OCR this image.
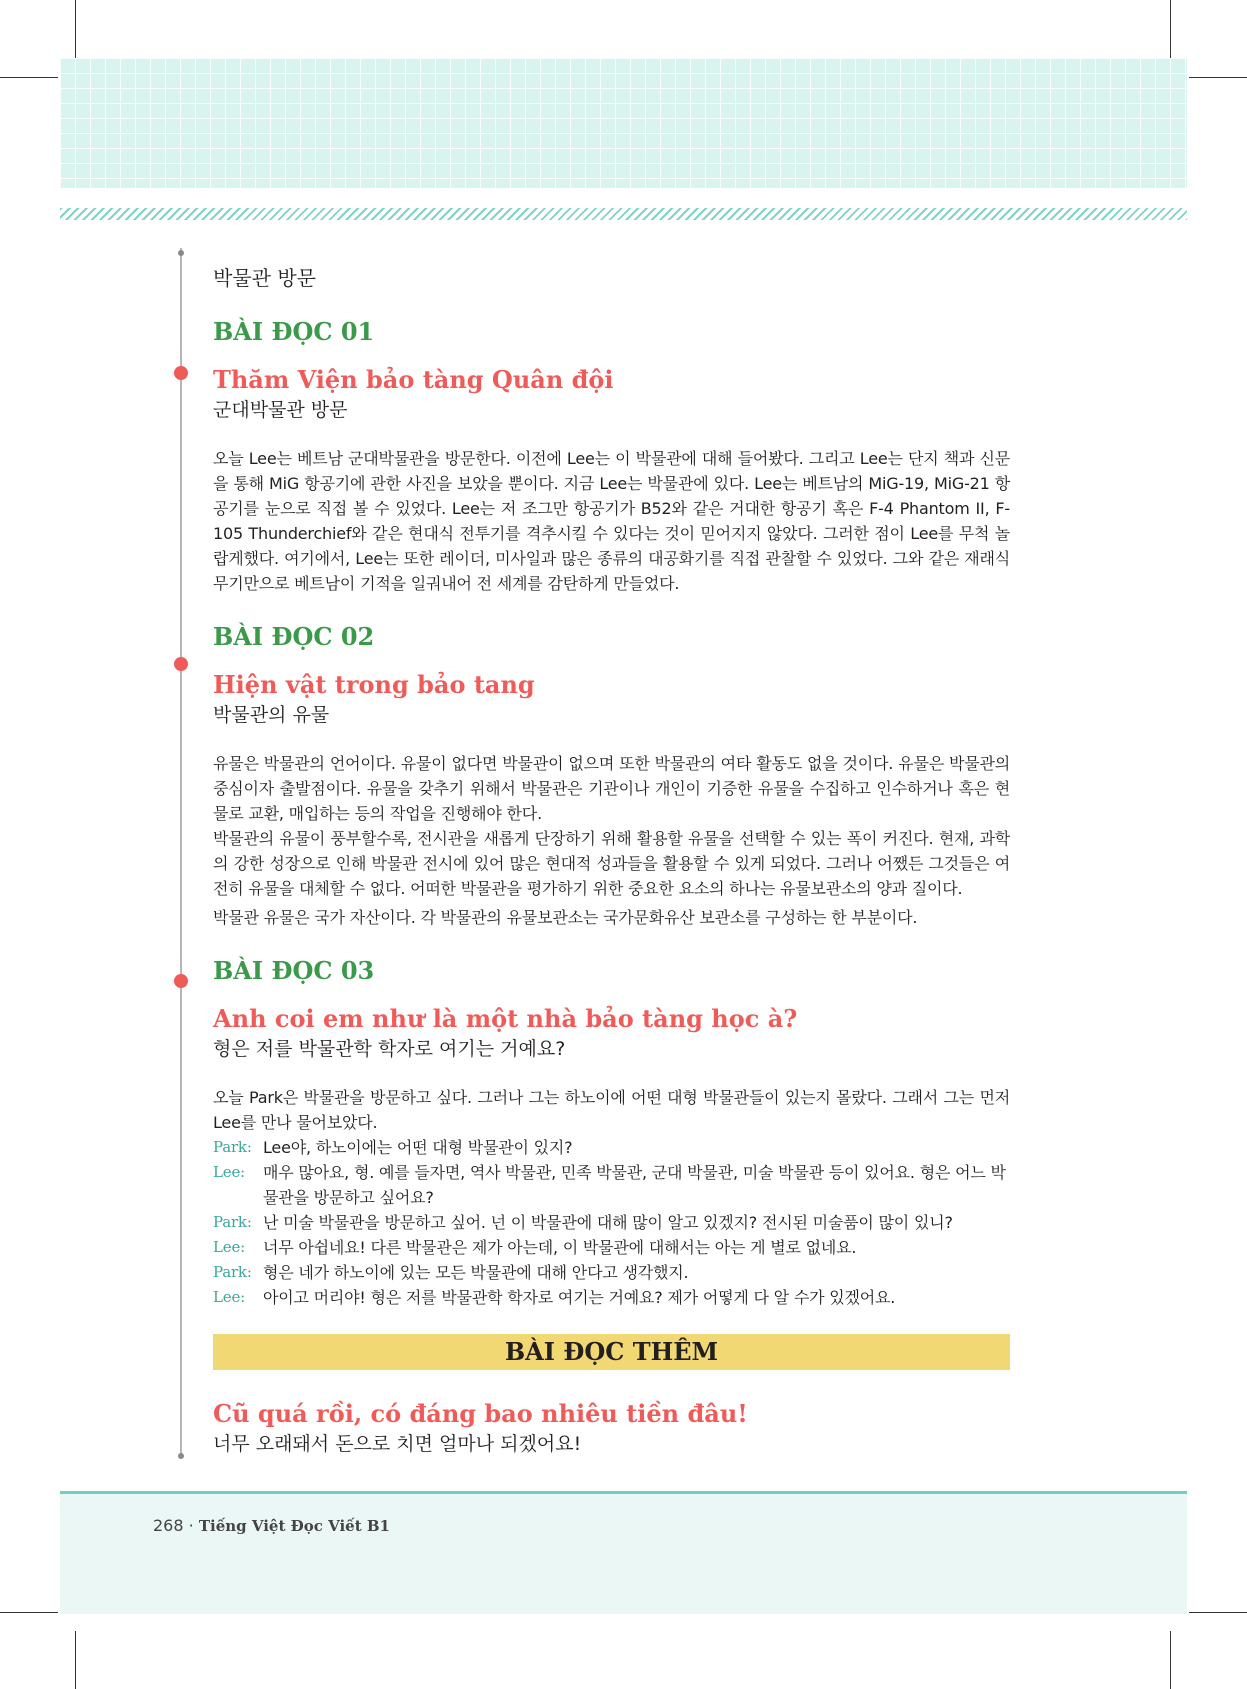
박물관 방문
BÀI ĐỌC 01
Thăm Viện bảo tàng Quân đội
군대박물관 방문

오늘 Lee는 베트남 군대박물관을 방문한다. 이전에 Lee는 이 박물관에 대해 들어봤다. 그리고 Lee는 단지 책과 신문을 통해 MiG 항공기에 관한 사진을 보았을 뿐이다. 지금 Lee는 박물관에 있다. Lee는 베트남의 MiG-19, MiG-21 항공기를 눈으로 직접 볼 수 있었다. Lee는 저 조그만 항공기가 B52와 같은 거대한 항공기 혹은 F-4 Phantom II, F-105 Thunderchief와 같은 현대식 전투기를 격추시킬 수 있다는 것이 믿어지지 않았다. 그러한 점이 Lee를 무척 놀랍게했다. 여기에서, Lee는 또한 레이더, 미사일과 많은 종류의 대공화기를 직접 관찰할 수 있었다. 그와 같은 재래식 무기만으로 베트남이 기적을 일궈내어 전 세계를 감탄하게 만들었다.

BÀI ĐỌC 02
Hiện vật trong bảo tang
박물관의 유물

유물은 박물관의 언어이다. 유물이 없다면 박물관이 없으며 또한 박물관의 여타 활동도 없을 것이다. 유물은 박물관의 중심이자 출발점이다. 유물을 갖추기 위해서 박물관은 기관이나 개인이 기증한 유물을 수집하고 인수하거나 혹은 현물로 교환, 매입하는 등의 작업을 진행해야 한다.

박물관의 유물이 풍부할수록, 전시관을 새롭게 단장하기 위해 활용할 유물을 선택할 수 있는 폭이 커진다. 현재, 과학의 강한 성장으로 인해 박물관 전시에 있어 많은 현대적 성과들을 활용할 수 있게 되었다. 그러나 어쨌든 그것들은 여전히 유물을 대체할 수 없다. 어떠한 박물관을 평가하기 위한 중요한 요소의 하나는 유물보관소의 양과 질이다.

박물관 유물은 국가 자산이다. 각 박물관의 유물보관소는 국가문화유산 보관소를 구성하는 한 부분이다.

BÀI ĐỌC 03
Anh coi em như là một nhà bảo tàng học à?
형은 저를 박물관학 학자로 여기는 거예요?

오늘 Park은 박물관을 방문하고 싶다. 그러나 그는 하노이에 어떤 대형 박물관들이 있는지 몰랐다. 그래서 그는 먼저 Lee를 만나 물어보았다.

Park: Lee야, 하노이에는 어떤 대형 박물관이 있지?
Lee:	매우 많아요, 형. 예를 들자면, 역사 박물관, 민족 박물관, 군대 박물관, 미술 박물관 등이 있어요. 형은 어느 박물관을 방문하고 싶어요?
Park: 난 미술 박물관을 방문하고 싶어. 넌 이 박물관에 대해 많이 알고 있겠지? 전시된 미술품이 많이 있니?
Lee:	너무 아쉽네요! 다른 박물관은 제가 아는데, 이 박물관에 대해서는 아는 게 별로 없네요.
Park: 형은 네가 하노이에 있는 모든 박물관에 대해 안다고 생각했지.
Lee:	아이고 머리야! 형은 저를 박물관학 학자로 여기는 거예요? 제가 어떻게 다 알 수가 있겠어요.
BÀI ĐỌC THÊM
Cũ quá rồi, có đáng bao nhiêu tiền đâu!
너무 오래돼서 돈으로 치면 얼마나 되겠어요!
268 · Tiếng Việt Đọc Viết B1
